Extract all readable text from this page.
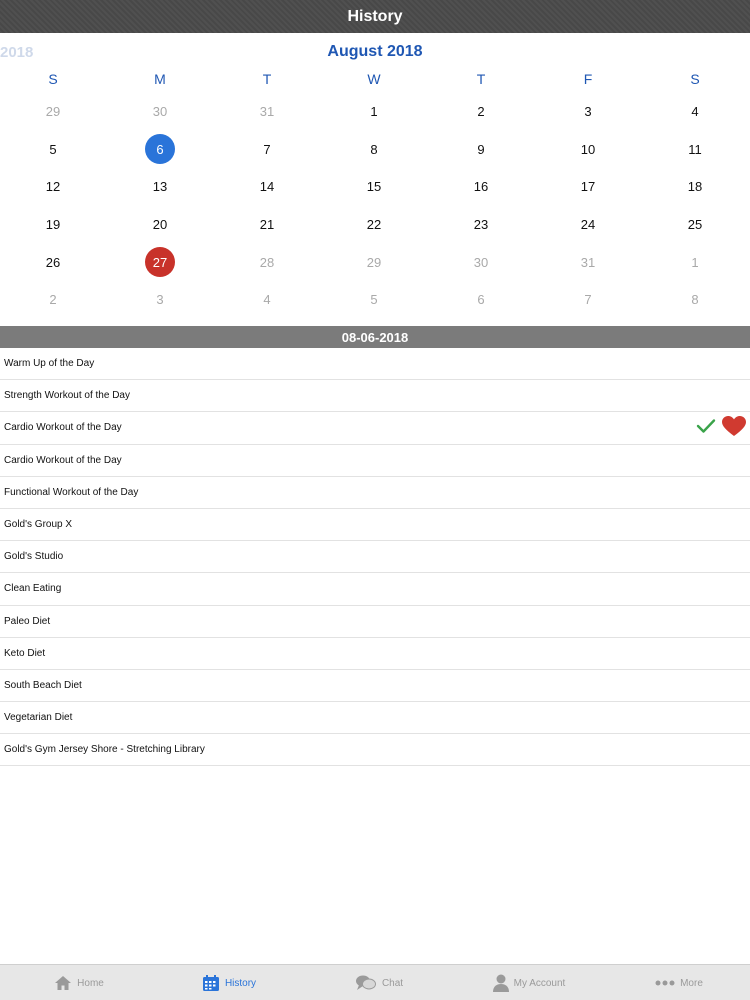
History
2018	August 2018
S	M	T	W	T	F	S
29	30	31	1	2	3	4
5	6	7	8	9	10	11
12	13	14	15	16	17	18
19	20	21	22	23	24	25
26	27	28	29	30	31	1
2	3	4	5	6	7	8
08-06-2018
Warm Up of the Day
Strength Workout of the Day
Cardio Workout of the Day
Cardio Workout of the Day
Functional Workout of the Day
Gold's Group X
Gold's Studio
Clean Eating
Paleo Diet
Keto Diet
South Beach Diet
Vegetarian Diet
Gold's Gym Jersey Shore - Stretching Library
Home	History	Chat	My Account	More
